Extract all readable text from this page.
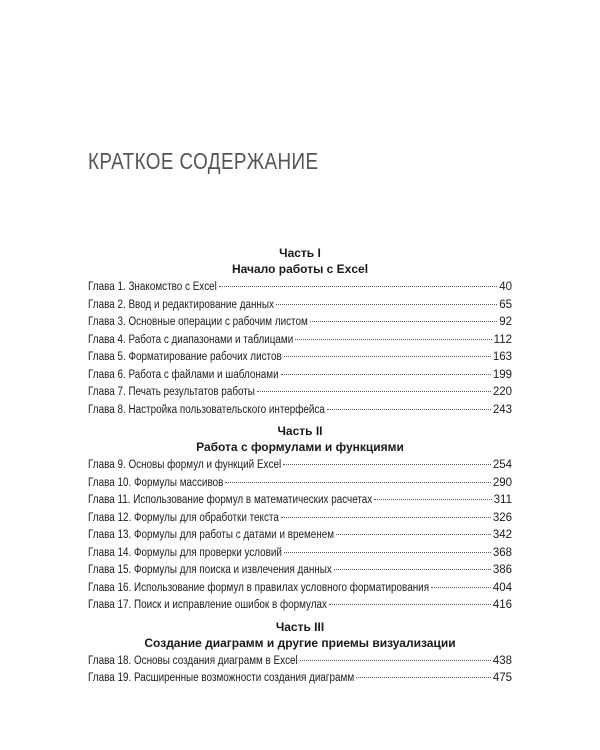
КРАТКОЕ СОДЕРЖАНИЕ
Часть I
Начало работы с Excel
Глава 1. Знакомство с Excel	40
Глава 2. Ввод и редактирование данных	65
Глава 3. Основные операции с рабочим листом	92
Глава 4. Работа с диапазонами и таблицами	112
Глава 5. Форматирование рабочих листов	163
Глава 6. Работа с файлами и шаблонами	199
Глава 7. Печать результатов работы	220
Глава 8. Настройка пользовательского интерфейса	243
Часть II
Работа с формулами и функциями
Глава 9. Основы формул и функций Excel	254
Глава 10. Формулы массивов	290
Глава 11. Использование формул в математических расчетах	311
Глава 12. Формулы для обработки текста	326
Глава 13. Формулы для работы с датами и временем	342
Глава 14. Формулы для проверки условий	368
Глава 15. Формулы для поиска и извлечения данных	386
Глава 16. Использование формул в правилах условного форматирования	404
Глава 17. Поиск и исправление ошибок в формулах	416
Часть III
Создание диаграмм и другие приемы визуализации
Глава 18. Основы создания диаграмм в Excel	438
Глава 19. Расширенные возможности создания диаграмм	475
